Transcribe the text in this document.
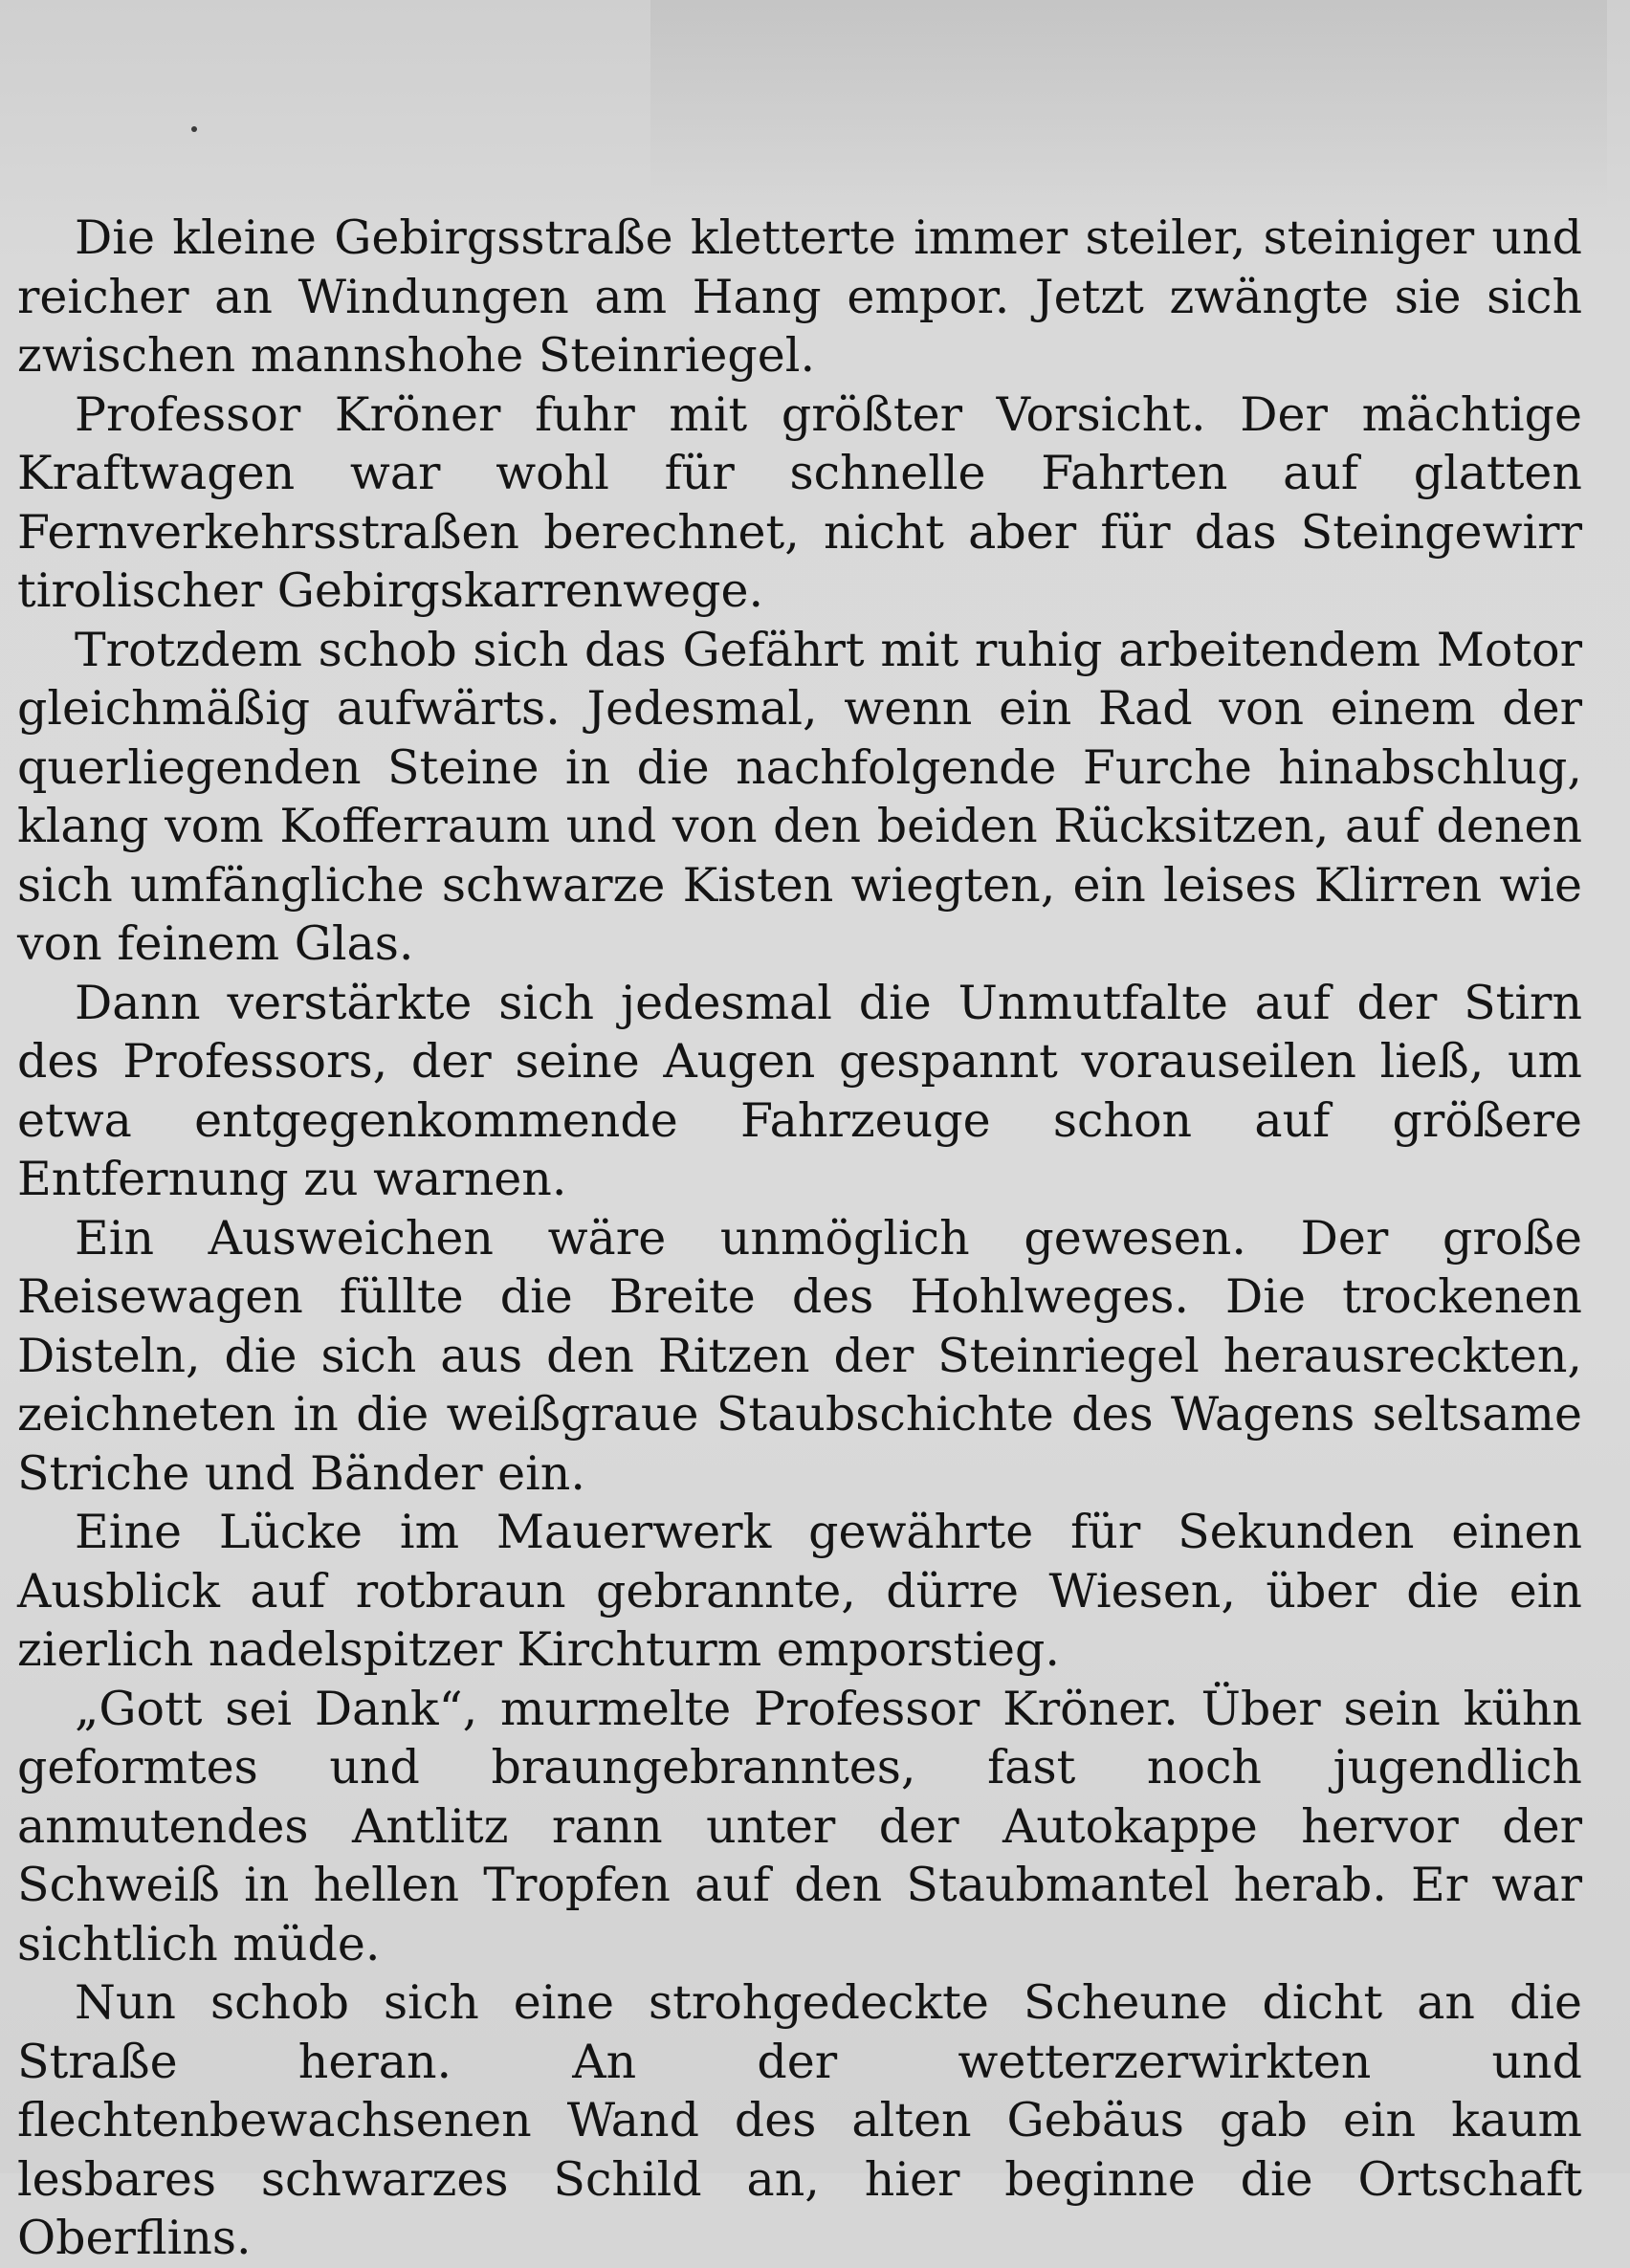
Die kleine Gebirgsstraße kletterte immer steiler, steiniger und reicher an Windungen am Hang empor. Jetzt zwängte sie sich zwischen mannshohe Steinriegel.

Professor Kröner fuhr mit größter Vorsicht. Der mächtige Kraftwagen war wohl für schnelle Fahrten auf glatten Fernverkehrsstraßen berechnet, nicht aber für das Steingewirr tirolischer Gebirgskarrenwege.

Trotzdem schob sich das Gefährt mit ruhig arbeitendem Motor gleichmäßig aufwärts. Jedesmal, wenn ein Rad von einem der querliegenden Steine in die nachfolgende Furche hinabschlug, klang vom Kofferraum und von den beiden Rücksitzen, auf denen sich umfängliche schwarze Kisten wiegten, ein leises Klirren wie von feinem Glas.

Dann verstärkte sich jedesmal die Unmutfalte auf der Stirn des Professors, der seine Augen gespannt vorauseilen ließ, um etwa entgegenkommende Fahrzeuge schon auf größere Entfernung zu warnen.

Ein Ausweichen wäre unmöglich gewesen. Der große Reisewagen füllte die Breite des Hohlweges. Die trockenen Disteln, die sich aus den Ritzen der Steinriegel herausreckten, zeichneten in die weißgraue Staubschichte des Wagens seltsame Striche und Bänder ein.

Eine Lücke im Mauerwerk gewährte für Sekunden einen Ausblick auf rotbraun gebrannte, dürre Wiesen, über die ein zierlich nadelspitzer Kirchturm emporstieg.

„Gott sei Dank“, murmelte Professor Kröner. Über sein kühn geformtes und braungebranntes, fast noch jugendlich anmutendes Antlitz rann unter der Autokappe hervor der Schweiß in hellen Tropfen auf den Staubmantel herab. Er war sichtlich müde.

Nun schob sich eine strohgedeckte Scheune dicht an die Straße heran. An der wetterzerwirkten und flechtenbewachsenen Wand des alten Gebäus gab ein kaum lesbares schwarzes Schild an, hier beginne die Ortschaft Oberflins.
